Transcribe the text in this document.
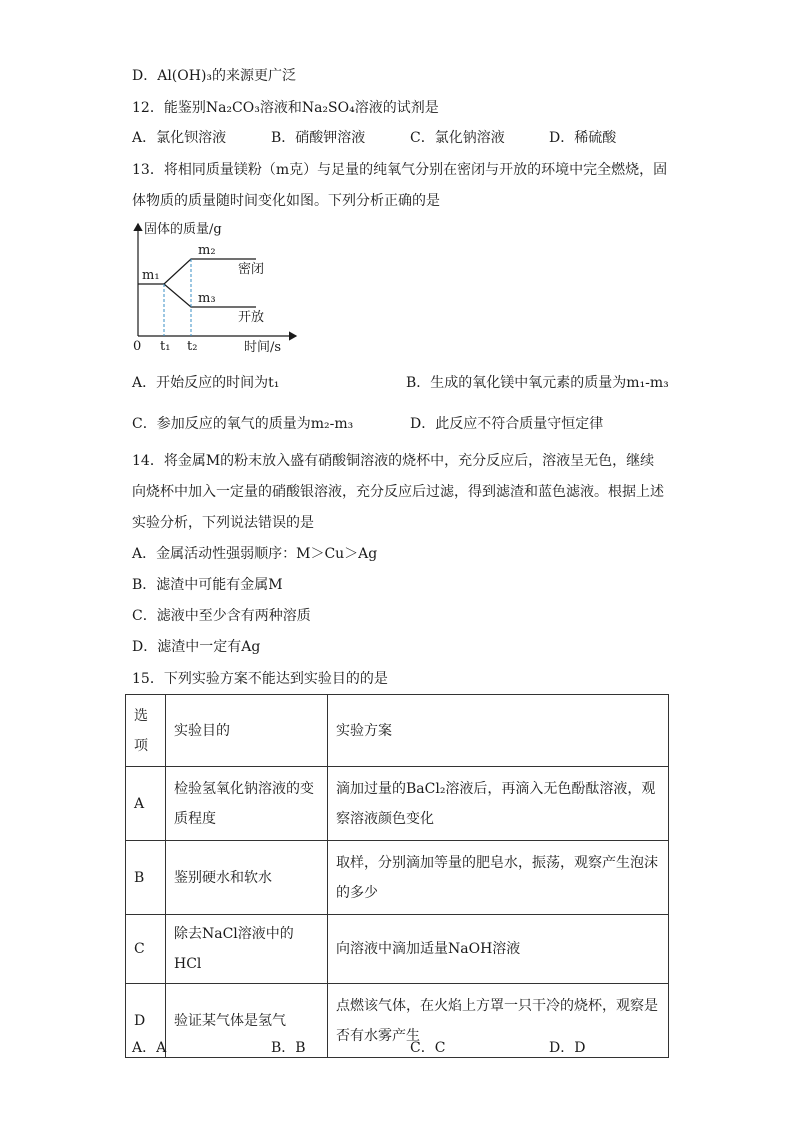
D．Al(OH)₃的来源更广泛
12．能鉴别Na₂CO₃溶液和Na₂SO₄溶液的试剂是
A．氯化钡溶液	B．硝酸钾溶液	C．氯化钠溶液	D．稀硫酸
13．将相同质量镁粉（m克）与足量的纯氧气分别在密闭与开放的环境中完全燃烧，固
体物质的质量随时间变化如图。下列分析正确的是
固体的质量/g
m₁
m₂
m₃
密闭
开放
0 t₁ t₂	时间/s
A．开始反应的时间为t₁	B．生成的氧化镁中氧元素的质量为m₁-m₃
C．参加反应的氧气的质量为m₂-m₃	D．此反应不符合质量守恒定律
14．将金属M的粉末放入盛有硝酸铜溶液的烧杯中，充分反应后，溶液呈无色，继续
向烧杯中加入一定量的硝酸银溶液，充分反应后过滤，得到滤渣和蓝色滤液。根据上述
实验分析，下列说法错误的是
A．金属活动性强弱顺序：M＞Cu＞Ag
B．滤渣中可能有金属M
C．滤液中至少含有两种溶质
D．滤渣中一定有Ag
15．下列实验方案不能达到实验目的的是
选项	实验目的	实验方案
A	检验氢氧化钠溶液的变质程度	滴加过量的BaCl₂溶液后，再滴入无色酚酞溶液，观察溶液颜色变化
B	鉴别硬水和软水	取样，分别滴加等量的肥皂水，振荡，观察产生泡沫的多少
C	除去NaCl溶液中的HCl	向溶液中滴加适量NaOH溶液
D	验证某气体是氢气	点燃该气体，在火焰上方罩一只干冷的烧杯，观察是否有水雾产生
A．A	B．B	C．C	D．D
